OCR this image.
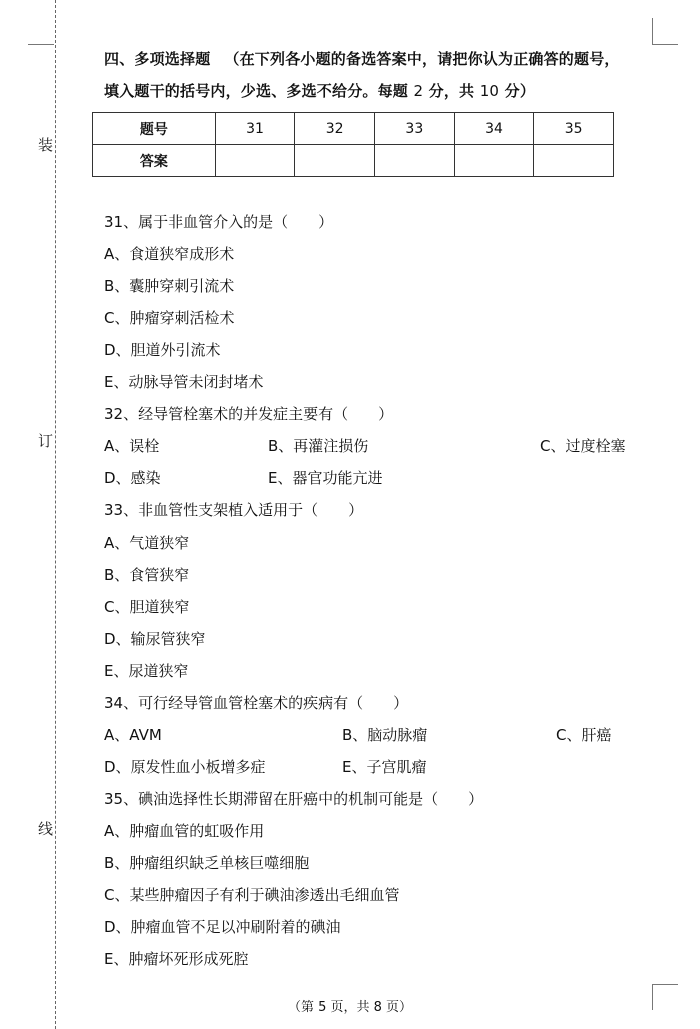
装
订
线
四、多项选择题 （在下列各小题的备选答案中，请把你认为正确答的题号，
填入题干的括号内，少选、多选不给分。每题 2 分，共 10 分）
题号	31	32	33	34	35
答案					
31、属于非血管介入的是（　　）
A、食道狭窄成形术
B、囊肿穿刺引流术
C、肿瘤穿刺活检术
D、胆道外引流术
E、动脉导管未闭封堵术
32、经导管栓塞术的并发症主要有（　　）
A、误栓	B、再灌注损伤	C、过度栓塞
D、感染	E、器官功能亢进
33、非血管性支架植入适用于（　　）
A、气道狭窄
B、食管狭窄
C、胆道狭窄
D、输尿管狭窄
E、尿道狭窄
34、可行经导管血管栓塞术的疾病有（　　）
A、AVM	B、脑动脉瘤	C、肝癌
D、原发性血小板增多症	E、子宫肌瘤
35、碘油选择性长期滞留在肝癌中的机制可能是（　　）
A、肿瘤血管的虹吸作用
B、肿瘤组织缺乏单核巨噬细胞
C、某些肿瘤因子有利于碘油渗透出毛细血管
D、肿瘤血管不足以冲刷附着的碘油
E、肿瘤坏死形成死腔
（第 5 页，共 8 页）
